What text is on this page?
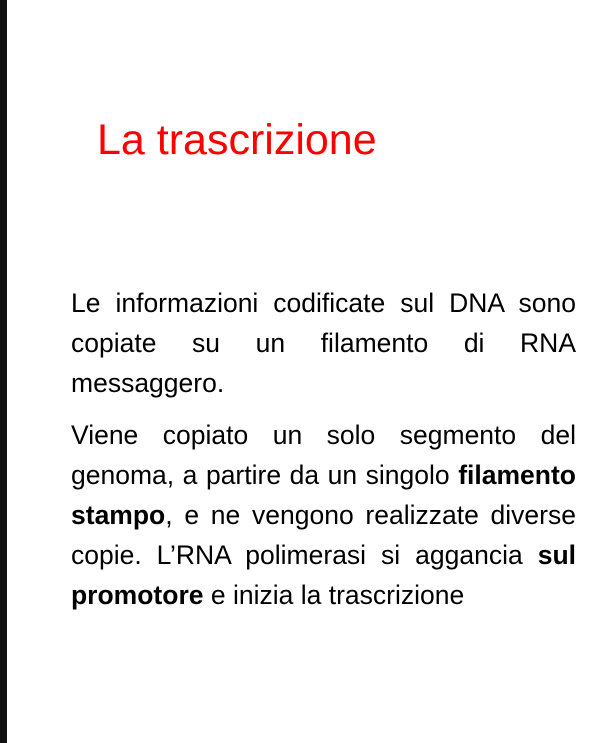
La trascrizione

Le informazioni codificate sul DNA sono copiate su un filamento di RNA messaggero.

Viene copiato un solo segmento del genoma, a partire da un singolo filamento stampo, e ne vengono realizzate diverse copie. L’RNA polimerasi si aggancia sul promotore e inizia la trascrizione
